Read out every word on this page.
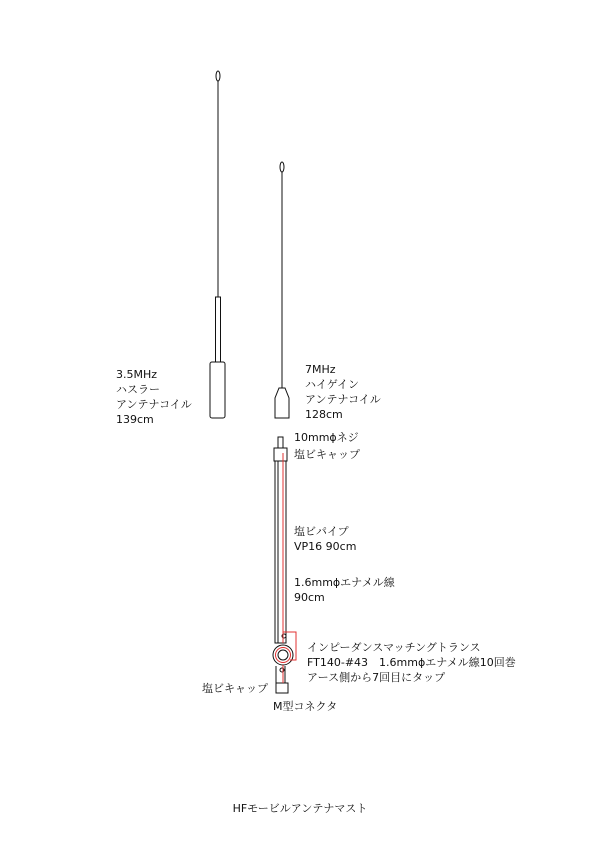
3.5MHz
ハスラー
アンテナコイル
139cm
7MHz
ハイゲイン
アンテナコイル
128cm
10mmɸネジ
塩ビキャップ
塩ビパイプ
VP16 90cm
1.6mmɸエナメル線
90cm
インピーダンスマッチングトランス
FT140-#43　1.6mmɸエナメル線10回巻
アース側から7回目にタップ
塩ビキャップ
M型コネクタ
HFモービルアンテナマスト
